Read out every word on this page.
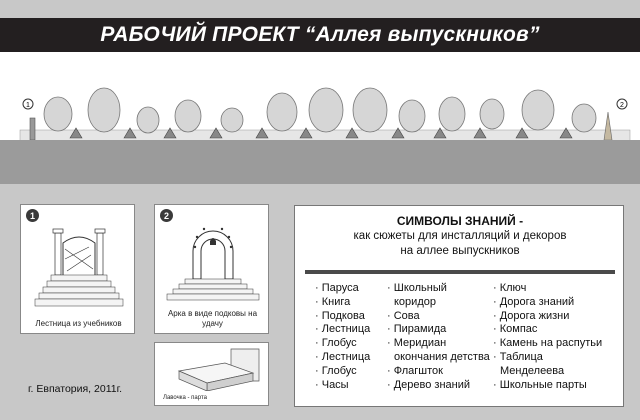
РАБОЧИЙ ПРОЕКТ “Аллея выпускников”
1	2
1
Лестница из учебников
2
Арка в виде подковы на удачу
Лавочка - парта
СИМВОЛЫ ЗНАНИЙ -
как сюжеты для инсталляций и декоров
на аллее выпускников
· Паруса
· Книга
· Подкова
· Лестница
· Глобус
· Лестница
· Глобус
· Часы
· Школьный
коридор
· Сова
· Пирамида
· Меридиан
окончания детства
· Флагшток
· Дерево знаний
· Ключ
· Дорога знаний
· Дорога жизни
· Компас
· Камень на распутьи
· Таблица
Менделеева
· Школьные парты
г. Евпатория, 2011г.
